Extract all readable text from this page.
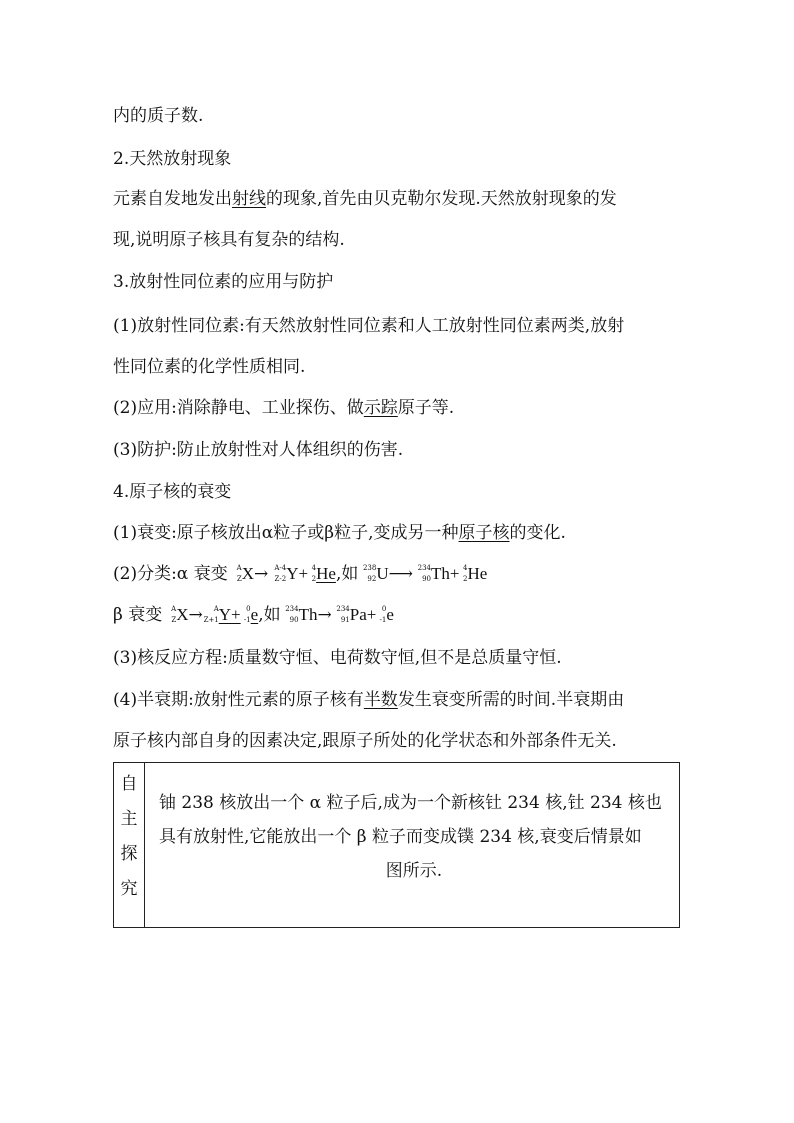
内的质子数.
2.天然放射现象
元素自发地发出射线的现象,首先由贝克勒尔发现.天然放射现象的发
现,说明原子核具有复杂的结构.
3.放射性同位素的应用与防护
(1)放射性同位素:有天然放射性同位素和人工放射性同位素两类,放射
性同位素的化学性质相同.
(2)应用:消除静电、工业探伤、做示踪原子等.
(3)防护:防止放射性对人体组织的伤害.
4.原子核的衰变
(1)衰变:原子核放出α粒子或β粒子,变成另一种原子核的变化.
(2)分类:α 衰变 A
Z X→ A-4
Z-2 Y+ 4
2 He,如 238
92 U⟶ 234
90 Th+ 4
2 He
β 衰变 A
Z X→ A
Z+1 Y+ 0
-1 e,如 234
90 Th→ 234
91 Pa+ 0
-1 e
(3)核反应方程:质量数守恒、电荷数守恒,但不是总质量守恒.
(4)半衰期:放射性元素的原子核有半数发生衰变所需的时间.半衰期由
原子核内部自身的因素决定,跟原子所处的化学状态和外部条件无关.
自
主
探
究

铀 238 核放出一个 α 粒子后,成为一个新核钍 234 核,钍 234 核也

具有放射性,它能放出一个 β 粒子而变成镤 234 核,衰变后情景如

图所示.
